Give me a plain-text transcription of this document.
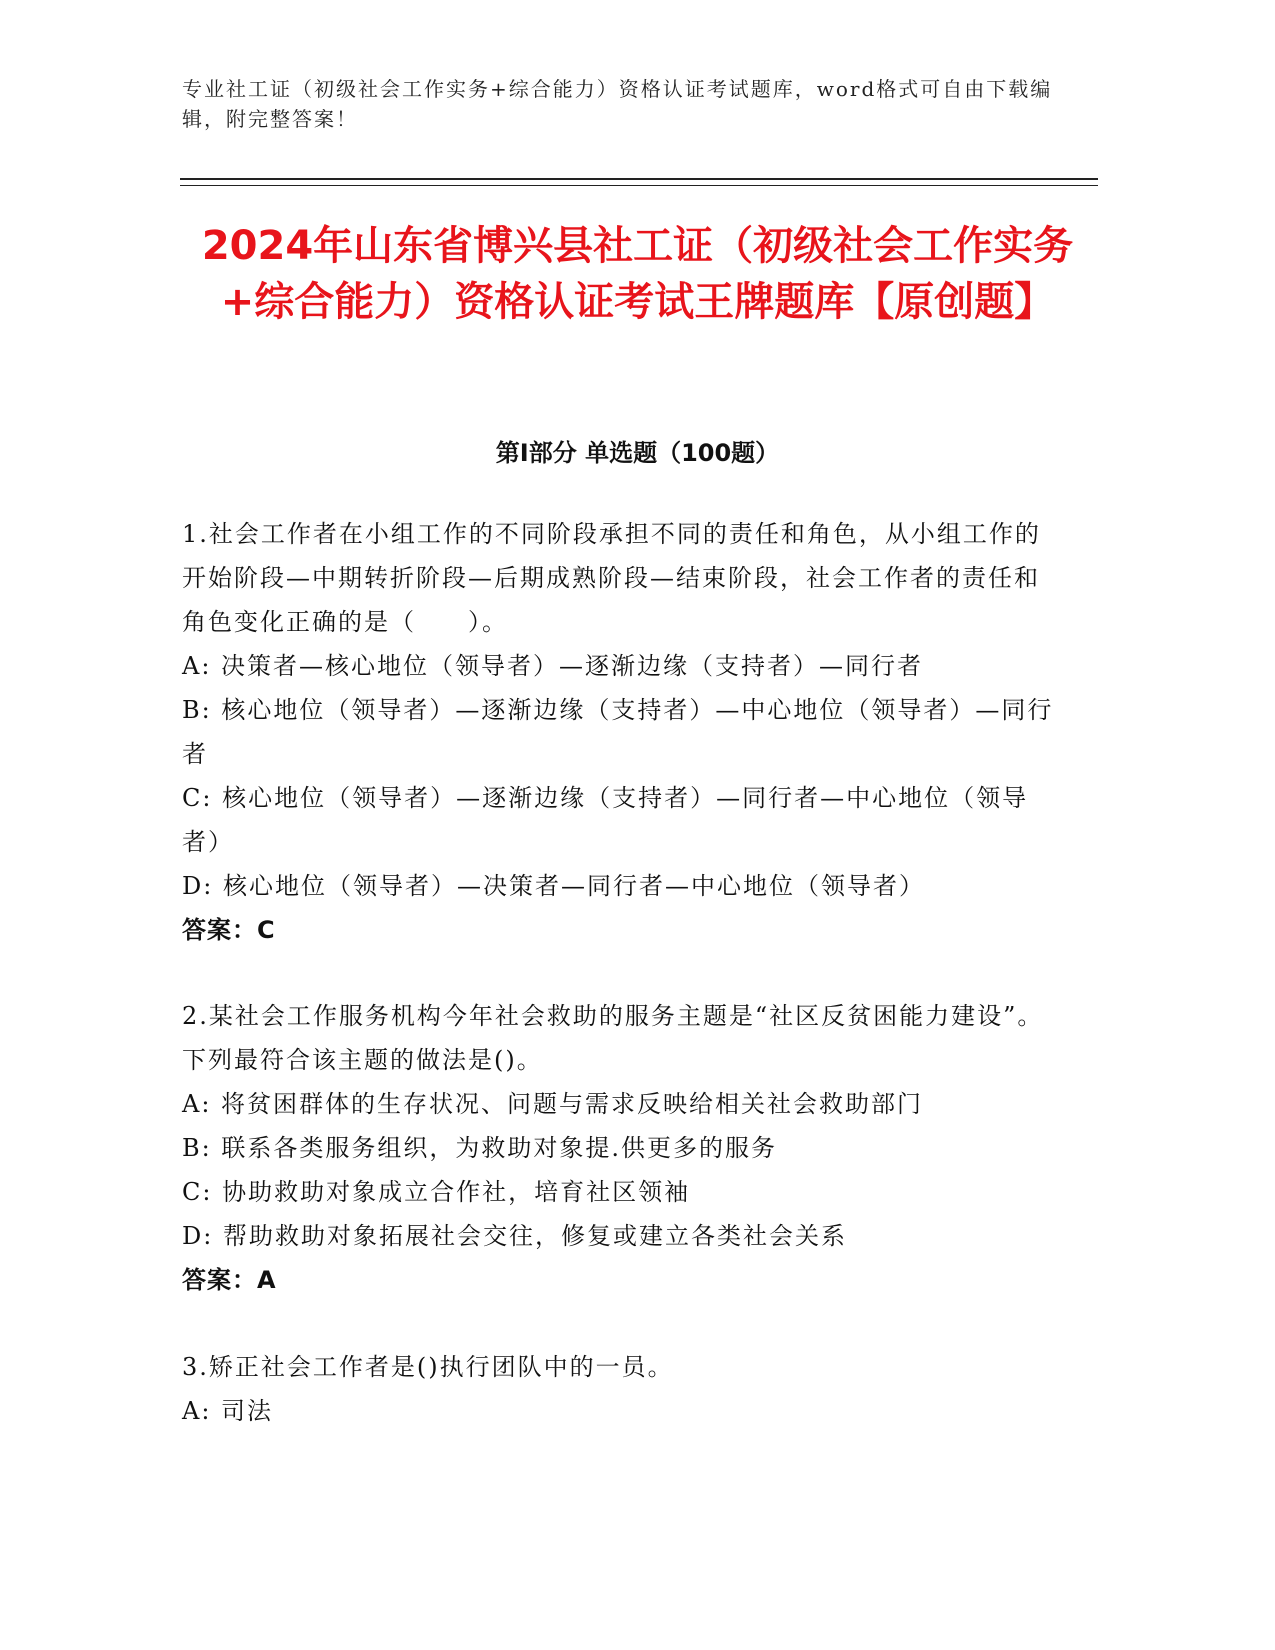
专业社工证（初级社会工作实务+综合能力）资格认证考试题库，word格式可自由下载编辑，附完整答案！
2024年山东省博兴县社工证（初级社会工作实务+综合能力）资格认证考试王牌题库【原创题】
第Ⅰ部分 单选题（100题）

1.社会工作者在小组工作的不同阶段承担不同的责任和角色，从小组工作的开始阶段—中期转折阶段—后期成熟阶段—结束阶段，社会工作者的责任和角色变化正确的是（　　）。

A: 决策者—核心地位（领导者）—逐渐边缘（支持者）—同行者

B: 核心地位（领导者）—逐渐边缘（支持者）—中心地位（领导者）—同行者

C: 核心地位（领导者）—逐渐边缘（支持者）—同行者—中心地位（领导者）

D: 核心地位（领导者）—决策者—同行者—中心地位（领导者）

答案：C

2.某社会工作服务机构今年社会救助的服务主题是“社区反贫困能力建设”。下列最符合该主题的做法是()。

A: 将贫困群体的生存状况、问题与需求反映给相关社会救助部门

B: 联系各类服务组织，为救助对象提.供更多的服务

C: 协助救助对象成立合作社，培育社区领袖

D: 帮助救助对象拓展社会交往，修复或建立各类社会关系

答案：A

3.矫正社会工作者是()执行团队中的一员。

A: 司法
